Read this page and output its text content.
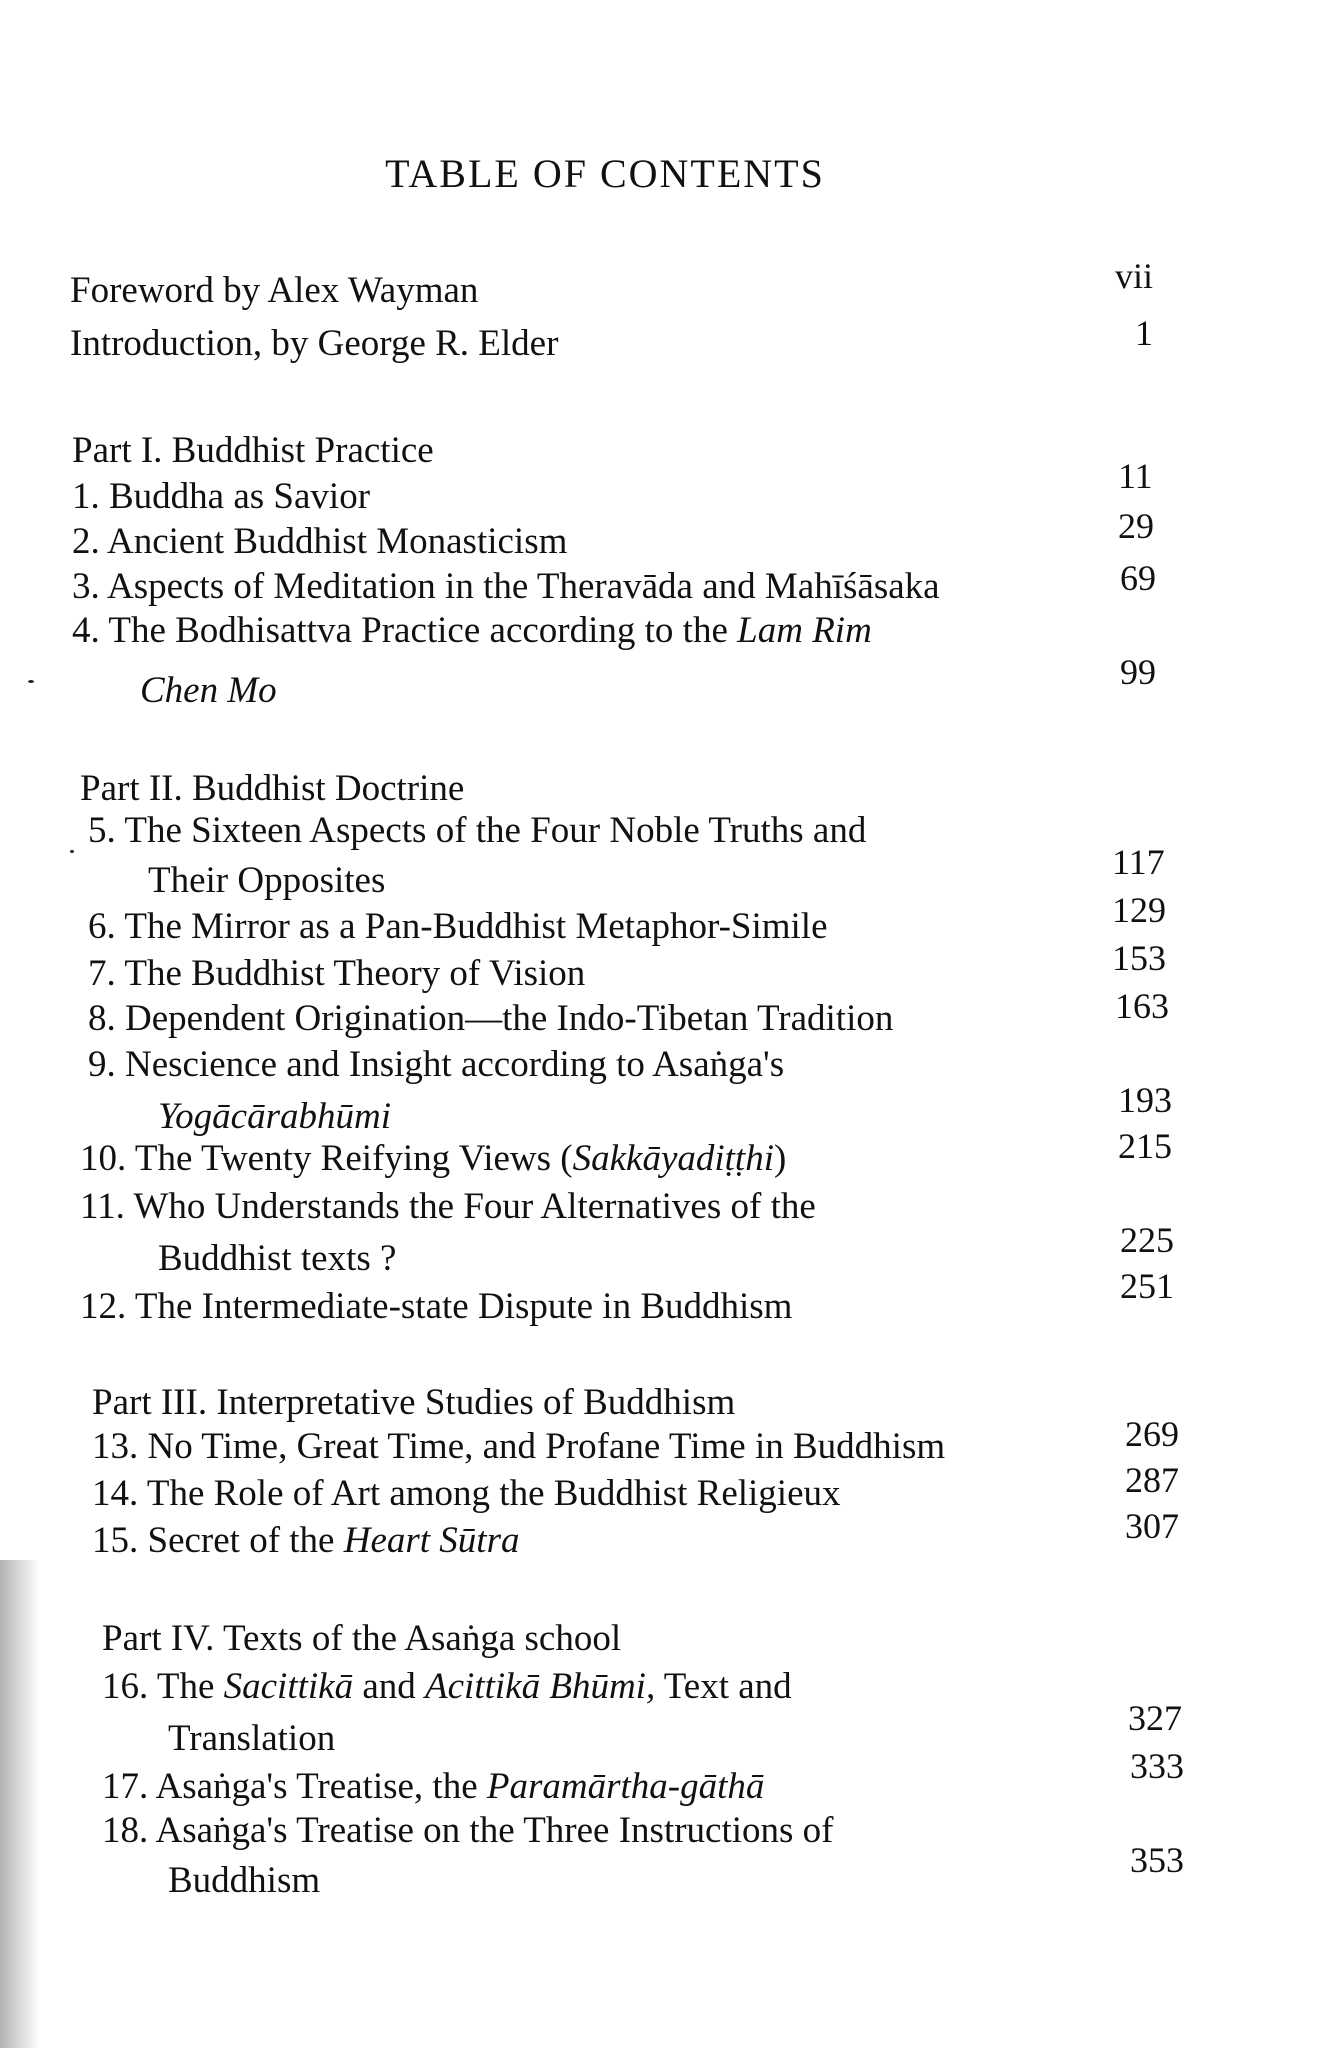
TABLE OF CONTENTS
Foreword by Alex Wayman	vii
Introduction, by George R. Elder	1
Part I. Buddhist Practice
1. Buddha as Savior	11
2. Ancient Buddhist Monasticism	29
3. Aspects of Meditation in the Theravāda and Mahīśāsaka	69
4. The Bodhisattva Practice according to the Lam Rim
Chen Mo	99
Part II. Buddhist Doctrine
5. The Sixteen Aspects of the Four Noble Truths and
Their Opposites	117
6. The Mirror as a Pan-Buddhist Metaphor-Simile	129
7. The Buddhist Theory of Vision	153
8. Dependent Origination—the Indo-Tibetan Tradition	163
9. Nescience and Insight according to Asaṅga's
Yogācārabhūmi	193
10. The Twenty Reifying Views (Sakkāyadiṭṭhi)	215
11. Who Understands the Four Alternatives of the
Buddhist texts ?	225
12. The Intermediate-state Dispute in Buddhism	251
Part III. Interpretative Studies of Buddhism
13. No Time, Great Time, and Profane Time in Buddhism	269
14. The Role of Art among the Buddhist Religieux	287
15. Secret of the Heart Sūtra	307
Part IV. Texts of the Asaṅga school
16. The Sacittikā and Acittikā Bhūmi, Text and
Translation	327
17. Asaṅga's Treatise, the Paramārtha-gāthā	333
18. Asaṅga's Treatise on the Three Instructions of
Buddhism	353
